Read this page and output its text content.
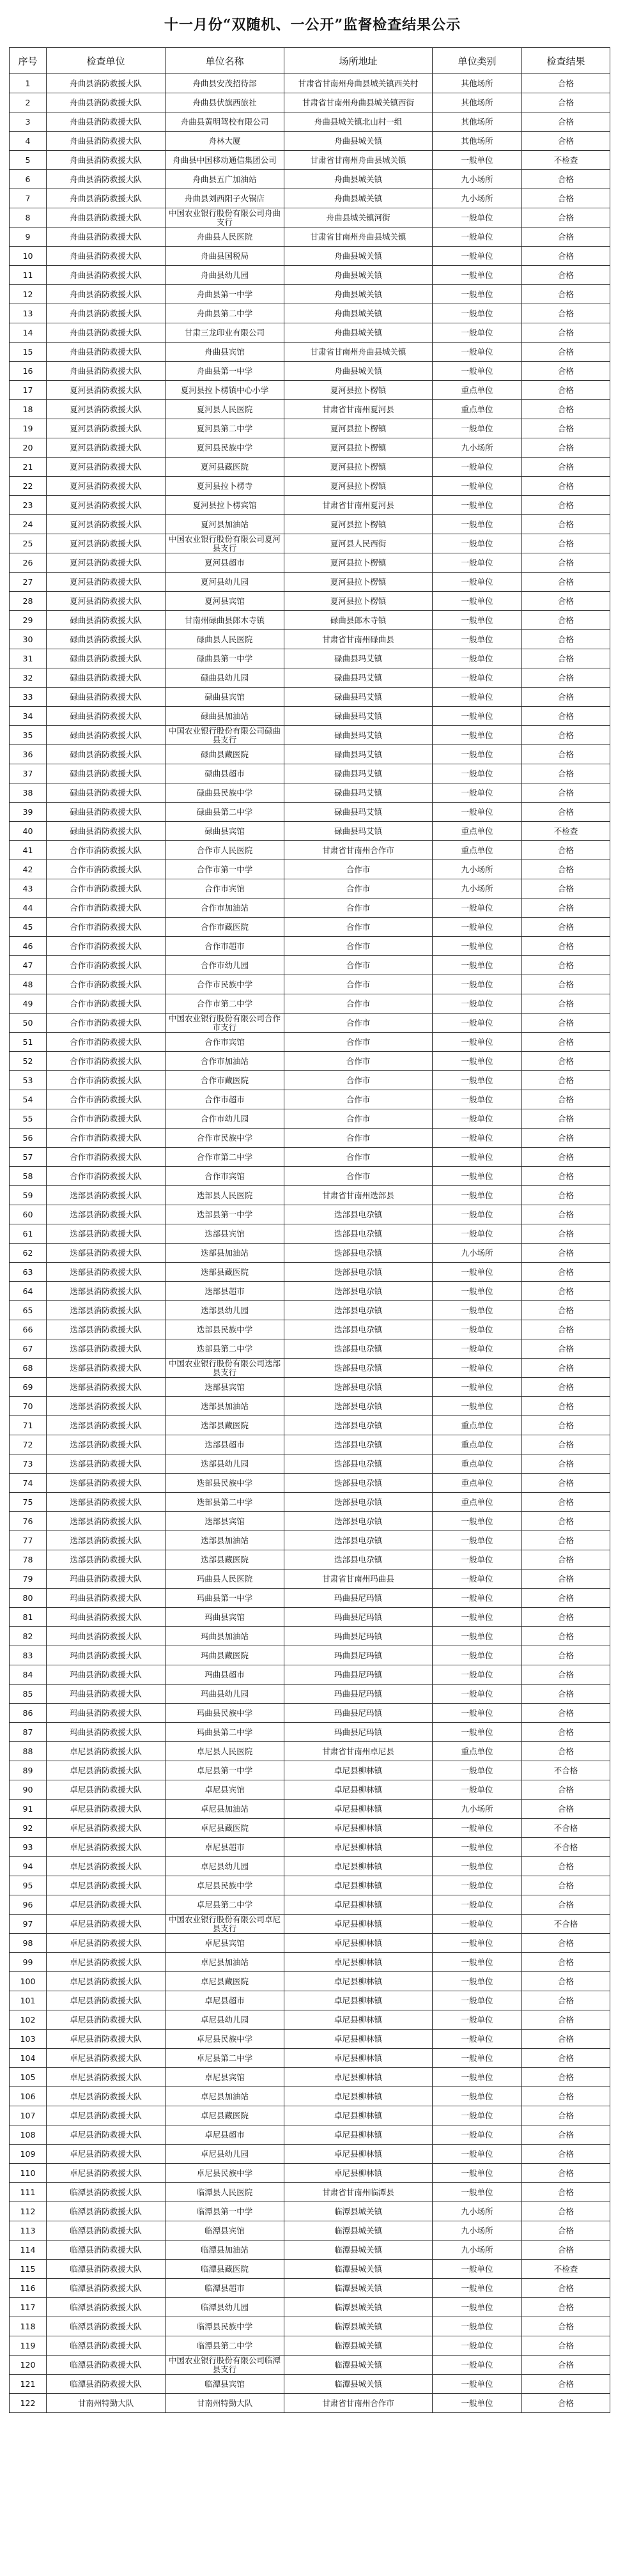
十一月份“双随机、一公开”监督检查结果公示
序号	检查单位	单位名称	场所地址	单位类别	检查结果
1	舟曲县消防救援大队	舟曲县安茂招待部	甘肃省甘南州舟曲县城关镇西关村	其他场所	合格
2	舟曲县消防救援大队	舟曲县伏旗西旅社	甘肃省甘南州舟曲县城关镇西街	其他场所	合格
3	舟曲县消防救援大队	舟曲县黄明驾校有限公司	舟曲县城关镇北山村一组	其他场所	合格
4	舟曲县消防救援大队	舟林大厦	舟曲县城关镇	其他场所	合格
5	舟曲县消防救援大队	舟曲县中国移动通信集团公司	甘肃省甘南州舟曲县城关镇	一般单位	不检查
6	舟曲县消防救援大队	舟曲县五广加油站	舟曲县城关镇	九小场所	合格
7	舟曲县消防救援大队	舟曲县刘西阳子火锅店	舟曲县城关镇	九小场所	合格
8	舟曲县消防救援大队	中国农业银行股份有限公司舟曲支行	舟曲县城关镇河街	一般单位	合格
9	舟曲县消防救援大队	舟曲县人民医院	甘肃省甘南州舟曲县城关镇	一般单位	合格
10	舟曲县消防救援大队	舟曲县国税局	舟曲县城关镇	一般单位	合格
11	舟曲县消防救援大队	舟曲县幼儿园	舟曲县城关镇	一般单位	合格
12	舟曲县消防救援大队	舟曲县第一中学	舟曲县城关镇	一般单位	合格
13	舟曲县消防救援大队	舟曲县第二中学	舟曲县城关镇	一般单位	合格
14	舟曲县消防救援大队	甘肃三龙印业有限公司	舟曲县城关镇	一般单位	合格
15	舟曲县消防救援大队	舟曲县宾馆	甘肃省甘南州舟曲县城关镇	一般单位	合格
16	舟曲县消防救援大队	舟曲县第一中学	舟曲县城关镇	一般单位	合格
17	夏河县消防救援大队	夏河县拉卜楞镇中心小学	夏河县拉卜楞镇	重点单位	合格
18	夏河县消防救援大队	夏河县人民医院	甘肃省甘南州夏河县	重点单位	合格
19	夏河县消防救援大队	夏河县第二中学	夏河县拉卜楞镇	一般单位	合格
20	夏河县消防救援大队	夏河县民族中学	夏河县拉卜楞镇	九小场所	合格
21	夏河县消防救援大队	夏河县藏医院	夏河县拉卜楞镇	一般单位	合格
22	夏河县消防救援大队	夏河县拉卜楞寺	夏河县拉卜楞镇	一般单位	合格
23	夏河县消防救援大队	夏河县拉卜楞宾馆	甘肃省甘南州夏河县	一般单位	合格
24	夏河县消防救援大队	夏河县加油站	夏河县拉卜楞镇	一般单位	合格
25	夏河县消防救援大队	中国农业银行股份有限公司夏河县支行	夏河县人民西街	一般单位	合格
26	夏河县消防救援大队	夏河县超市	夏河县拉卜楞镇	一般单位	合格
27	夏河县消防救援大队	夏河县幼儿园	夏河县拉卜楞镇	一般单位	合格
28	夏河县消防救援大队	夏河县宾馆	夏河县拉卜楞镇	一般单位	合格
29	碌曲县消防救援大队	甘南州碌曲县郎木寺镇	碌曲县郎木寺镇	一般单位	合格
30	碌曲县消防救援大队	碌曲县人民医院	甘肃省甘南州碌曲县	一般单位	合格
31	碌曲县消防救援大队	碌曲县第一中学	碌曲县玛艾镇	一般单位	合格
32	碌曲县消防救援大队	碌曲县幼儿园	碌曲县玛艾镇	一般单位	合格
33	碌曲县消防救援大队	碌曲县宾馆	碌曲县玛艾镇	一般单位	合格
34	碌曲县消防救援大队	碌曲县加油站	碌曲县玛艾镇	一般单位	合格
35	碌曲县消防救援大队	中国农业银行股份有限公司碌曲县支行	碌曲县玛艾镇	一般单位	合格
36	碌曲县消防救援大队	碌曲县藏医院	碌曲县玛艾镇	一般单位	合格
37	碌曲县消防救援大队	碌曲县超市	碌曲县玛艾镇	一般单位	合格
38	碌曲县消防救援大队	碌曲县民族中学	碌曲县玛艾镇	一般单位	合格
39	碌曲县消防救援大队	碌曲县第二中学	碌曲县玛艾镇	一般单位	合格
40	碌曲县消防救援大队	碌曲县宾馆	碌曲县玛艾镇	重点单位	不检查
41	合作市消防救援大队	合作市人民医院	甘肃省甘南州合作市	重点单位	合格
42	合作市消防救援大队	合作市第一中学	合作市	九小场所	合格
43	合作市消防救援大队	合作市宾馆	合作市	九小场所	合格
44	合作市消防救援大队	合作市加油站	合作市	一般单位	合格
45	合作市消防救援大队	合作市藏医院	合作市	一般单位	合格
46	合作市消防救援大队	合作市超市	合作市	一般单位	合格
47	合作市消防救援大队	合作市幼儿园	合作市	一般单位	合格
48	合作市消防救援大队	合作市民族中学	合作市	一般单位	合格
49	合作市消防救援大队	合作市第二中学	合作市	一般单位	合格
50	合作市消防救援大队	中国农业银行股份有限公司合作市支行	合作市	一般单位	合格
51	合作市消防救援大队	合作市宾馆	合作市	一般单位	合格
52	合作市消防救援大队	合作市加油站	合作市	一般单位	合格
53	合作市消防救援大队	合作市藏医院	合作市	一般单位	合格
54	合作市消防救援大队	合作市超市	合作市	一般单位	合格
55	合作市消防救援大队	合作市幼儿园	合作市	一般单位	合格
56	合作市消防救援大队	合作市民族中学	合作市	一般单位	合格
57	合作市消防救援大队	合作市第二中学	合作市	一般单位	合格
58	合作市消防救援大队	合作市宾馆	合作市	一般单位	合格
59	迭部县消防救援大队	迭部县人民医院	甘肃省甘南州迭部县	一般单位	合格
60	迭部县消防救援大队	迭部县第一中学	迭部县电尕镇	一般单位	合格
61	迭部县消防救援大队	迭部县宾馆	迭部县电尕镇	一般单位	合格
62	迭部县消防救援大队	迭部县加油站	迭部县电尕镇	九小场所	合格
63	迭部县消防救援大队	迭部县藏医院	迭部县电尕镇	一般单位	合格
64	迭部县消防救援大队	迭部县超市	迭部县电尕镇	一般单位	合格
65	迭部县消防救援大队	迭部县幼儿园	迭部县电尕镇	一般单位	合格
66	迭部县消防救援大队	迭部县民族中学	迭部县电尕镇	一般单位	合格
67	迭部县消防救援大队	迭部县第二中学	迭部县电尕镇	一般单位	合格
68	迭部县消防救援大队	中国农业银行股份有限公司迭部县支行	迭部县电尕镇	一般单位	合格
69	迭部县消防救援大队	迭部县宾馆	迭部县电尕镇	一般单位	合格
70	迭部县消防救援大队	迭部县加油站	迭部县电尕镇	一般单位	合格
71	迭部县消防救援大队	迭部县藏医院	迭部县电尕镇	重点单位	合格
72	迭部县消防救援大队	迭部县超市	迭部县电尕镇	重点单位	合格
73	迭部县消防救援大队	迭部县幼儿园	迭部县电尕镇	重点单位	合格
74	迭部县消防救援大队	迭部县民族中学	迭部县电尕镇	重点单位	合格
75	迭部县消防救援大队	迭部县第二中学	迭部县电尕镇	重点单位	合格
76	迭部县消防救援大队	迭部县宾馆	迭部县电尕镇	一般单位	合格
77	迭部县消防救援大队	迭部县加油站	迭部县电尕镇	一般单位	合格
78	迭部县消防救援大队	迭部县藏医院	迭部县电尕镇	一般单位	合格
79	玛曲县消防救援大队	玛曲县人民医院	甘肃省甘南州玛曲县	一般单位	合格
80	玛曲县消防救援大队	玛曲县第一中学	玛曲县尼玛镇	一般单位	合格
81	玛曲县消防救援大队	玛曲县宾馆	玛曲县尼玛镇	一般单位	合格
82	玛曲县消防救援大队	玛曲县加油站	玛曲县尼玛镇	一般单位	合格
83	玛曲县消防救援大队	玛曲县藏医院	玛曲县尼玛镇	一般单位	合格
84	玛曲县消防救援大队	玛曲县超市	玛曲县尼玛镇	一般单位	合格
85	玛曲县消防救援大队	玛曲县幼儿园	玛曲县尼玛镇	一般单位	合格
86	玛曲县消防救援大队	玛曲县民族中学	玛曲县尼玛镇	一般单位	合格
87	玛曲县消防救援大队	玛曲县第二中学	玛曲县尼玛镇	一般单位	合格
88	卓尼县消防救援大队	卓尼县人民医院	甘肃省甘南州卓尼县	重点单位	合格
89	卓尼县消防救援大队	卓尼县第一中学	卓尼县柳林镇	一般单位	不合格
90	卓尼县消防救援大队	卓尼县宾馆	卓尼县柳林镇	一般单位	合格
91	卓尼县消防救援大队	卓尼县加油站	卓尼县柳林镇	九小场所	合格
92	卓尼县消防救援大队	卓尼县藏医院	卓尼县柳林镇	一般单位	不合格
93	卓尼县消防救援大队	卓尼县超市	卓尼县柳林镇	一般单位	不合格
94	卓尼县消防救援大队	卓尼县幼儿园	卓尼县柳林镇	一般单位	合格
95	卓尼县消防救援大队	卓尼县民族中学	卓尼县柳林镇	一般单位	合格
96	卓尼县消防救援大队	卓尼县第二中学	卓尼县柳林镇	一般单位	合格
97	卓尼县消防救援大队	中国农业银行股份有限公司卓尼县支行	卓尼县柳林镇	一般单位	不合格
98	卓尼县消防救援大队	卓尼县宾馆	卓尼县柳林镇	一般单位	合格
99	卓尼县消防救援大队	卓尼县加油站	卓尼县柳林镇	一般单位	合格
100	卓尼县消防救援大队	卓尼县藏医院	卓尼县柳林镇	一般单位	合格
101	卓尼县消防救援大队	卓尼县超市	卓尼县柳林镇	一般单位	合格
102	卓尼县消防救援大队	卓尼县幼儿园	卓尼县柳林镇	一般单位	合格
103	卓尼县消防救援大队	卓尼县民族中学	卓尼县柳林镇	一般单位	合格
104	卓尼县消防救援大队	卓尼县第二中学	卓尼县柳林镇	一般单位	合格
105	卓尼县消防救援大队	卓尼县宾馆	卓尼县柳林镇	一般单位	合格
106	卓尼县消防救援大队	卓尼县加油站	卓尼县柳林镇	一般单位	合格
107	卓尼县消防救援大队	卓尼县藏医院	卓尼县柳林镇	一般单位	合格
108	卓尼县消防救援大队	卓尼县超市	卓尼县柳林镇	一般单位	合格
109	卓尼县消防救援大队	卓尼县幼儿园	卓尼县柳林镇	一般单位	合格
110	卓尼县消防救援大队	卓尼县民族中学	卓尼县柳林镇	一般单位	合格
111	临潭县消防救援大队	临潭县人民医院	甘肃省甘南州临潭县	一般单位	合格
112	临潭县消防救援大队	临潭县第一中学	临潭县城关镇	九小场所	合格
113	临潭县消防救援大队	临潭县宾馆	临潭县城关镇	九小场所	合格
114	临潭县消防救援大队	临潭县加油站	临潭县城关镇	九小场所	合格
115	临潭县消防救援大队	临潭县藏医院	临潭县城关镇	一般单位	不检查
116	临潭县消防救援大队	临潭县超市	临潭县城关镇	一般单位	合格
117	临潭县消防救援大队	临潭县幼儿园	临潭县城关镇	一般单位	合格
118	临潭县消防救援大队	临潭县民族中学	临潭县城关镇	一般单位	合格
119	临潭县消防救援大队	临潭县第二中学	临潭县城关镇	一般单位	合格
120	临潭县消防救援大队	中国农业银行股份有限公司临潭县支行	临潭县城关镇	一般单位	合格
121	临潭县消防救援大队	临潭县宾馆	临潭县城关镇	一般单位	合格
122	甘南州特勤大队	甘南州特勤大队	甘肃省甘南州合作市	一般单位	合格
